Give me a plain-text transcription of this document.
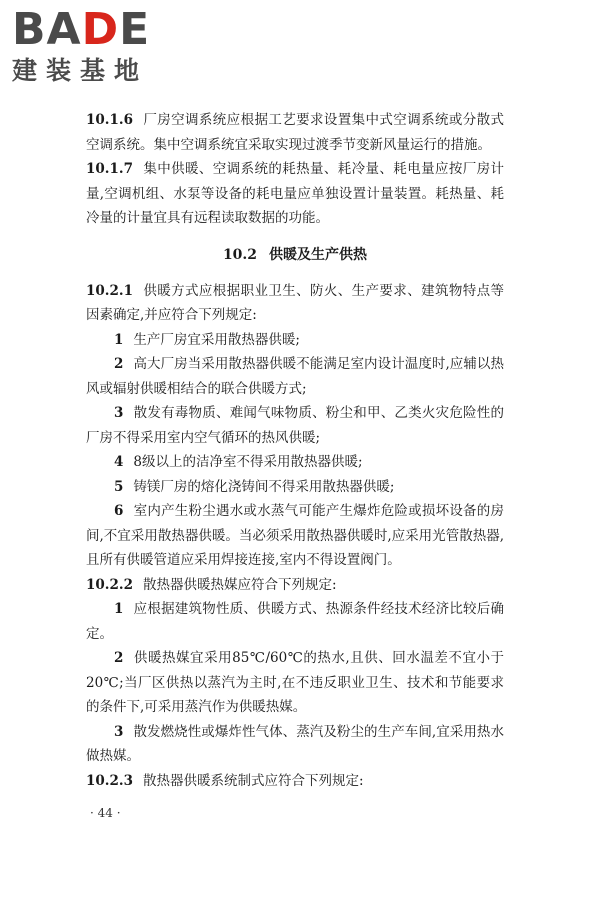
BADE
建装基地

10.1.6 厂房空调系统应根据工艺要求设置集中式空调系统或分散式空调系统。集中空调系统宜采取实现过渡季节变新风量运行的措施。

10.1.7 集中供暖、空调系统的耗热量、耗冷量、耗电量应按厂房计量,空调机组、水泵等设备的耗电量应单独设置计量装置。耗热量、耗冷量的计量宜具有远程读取数据的功能。

10.2 供暖及生产供热

10.2.1 供暖方式应根据职业卫生、防火、生产要求、建筑物特点等因素确定,并应符合下列规定:

1 生产厂房宜采用散热器供暖;

2 高大厂房当采用散热器供暖不能满足室内设计温度时,应辅以热风或辐射供暖相结合的联合供暖方式;

3 散发有毒物质、难闻气味物质、粉尘和甲、乙类火灾危险性的厂房不得采用室内空气循环的热风供暖;

4 8级以上的洁净室不得采用散热器供暖;

5 铸镁厂房的熔化浇铸间不得采用散热器供暖;

6 室内产生粉尘遇水或水蒸气可能产生爆炸危险或损坏设备的房间,不宜采用散热器供暖。当必须采用散热器供暖时,应采用光管散热器,且所有供暖管道应采用焊接连接,室内不得设置阀门。

10.2.2 散热器供暖热媒应符合下列规定:

1 应根据建筑物性质、供暖方式、热源条件经技术经济比较后确定。

2 供暖热媒宜采用85℃/60℃的热水,且供、回水温差不宜小于20℃;当厂区供热以蒸汽为主时,在不违反职业卫生、技术和节能要求的条件下,可采用蒸汽作为供暖热媒。

3 散发燃烧性或爆炸性气体、蒸汽及粉尘的生产车间,宜采用热水做热媒。

10.2.3 散热器供暖系统制式应符合下列规定:

· 44 ·
